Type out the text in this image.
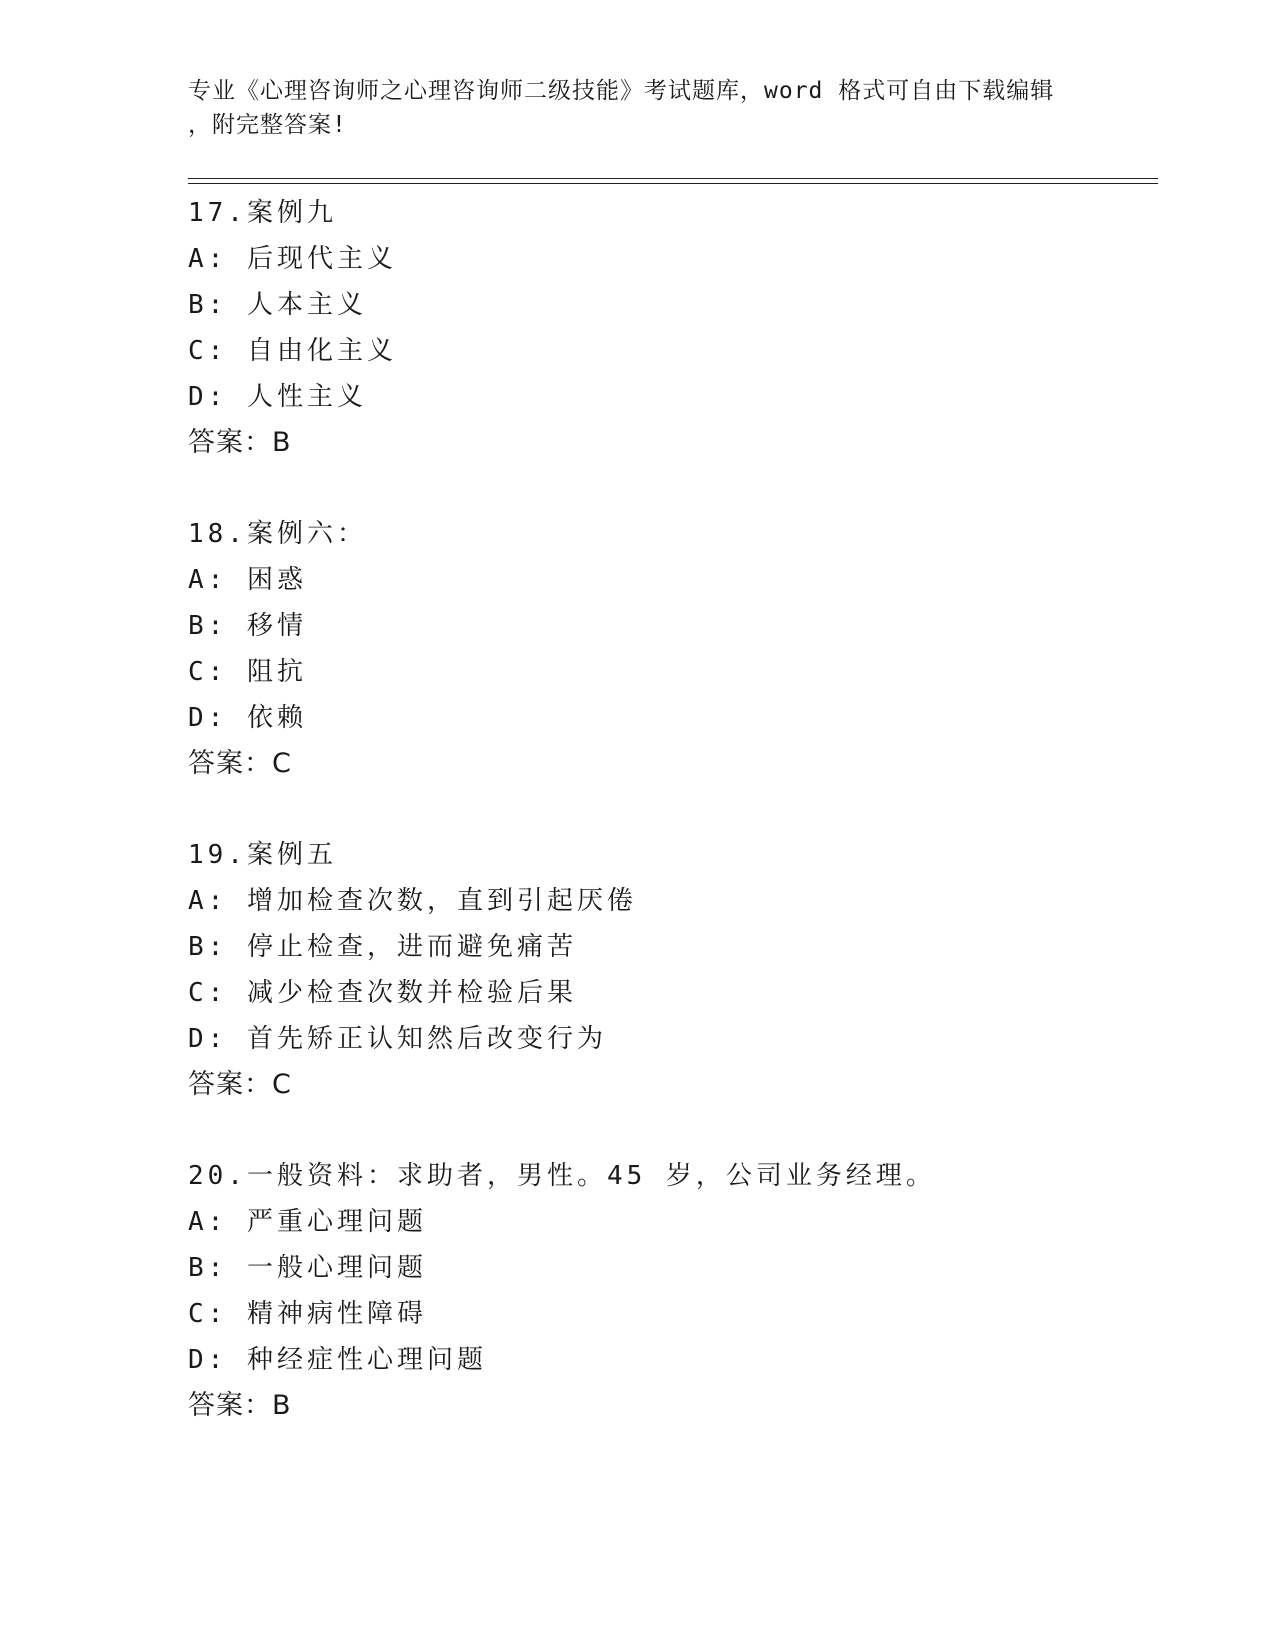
专业《心理咨询师之心理咨询师二级技能》考试题库，word 格式可自由下载编辑
，附完整答案!
17.案例九
A: 后现代主义
B: 人本主义
C: 自由化主义
D: 人性主义
答案：B
18.案例六：
A: 困惑
B: 移情
C: 阻抗
D: 依赖
答案：C
19.案例五
A: 增加检查次数，直到引起厌倦
B: 停止检查，进而避免痛苦
C: 减少检查次数并检验后果
D: 首先矫正认知然后改变行为
答案：C
20.一般资料：求助者，男性。45 岁，公司业务经理。
A: 严重心理问题
B: 一般心理问题
C: 精神病性障碍
D: 种经症性心理问题
答案：B
